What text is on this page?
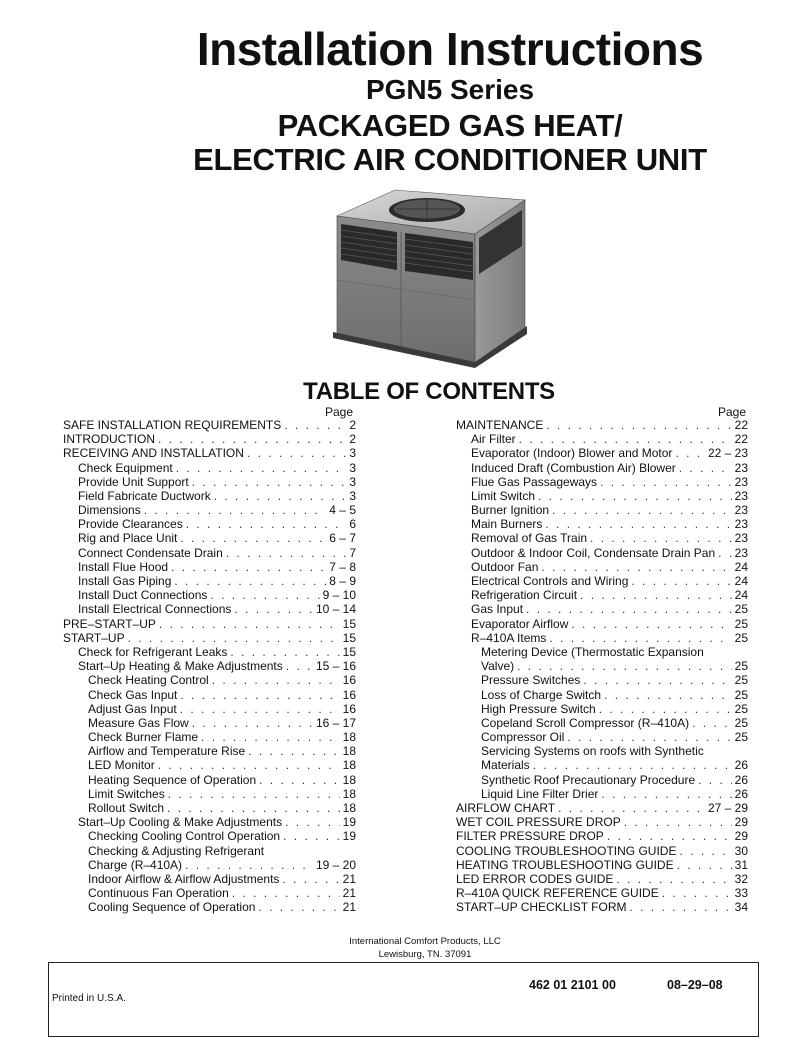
Installation Instructions
PGN5 Series
PACKAGED GAS HEAT/
ELECTRIC AIR CONDITIONER UNIT
TABLE OF CONTENTS
Page	Page
SAFE INSTALLATION REQUIREMENTS . . .	2
INTRODUCTION . . .	2
RECEIVING AND INSTALLATION . . .	3
Check Equipment . . .	3
Provide Unit Support . . .	3
Field Fabricate Ductwork . . .	3
Dimensions . . .	4 – 5
Provide Clearances . . .	6
Rig and Place Unit . . .	6 – 7
Connect Condensate Drain . . .	7
Install Flue Hood . . .	7 – 8
Install Gas Piping . . .	8 – 9
Install Duct Connections . . .	9 – 10
Install Electrical Connections . . .	10 – 14
PRE–START–UP . . .	15
START–UP . . .	15
Check for Refrigerant Leaks . . .	15
Start–Up Heating & Make Adjustments . . .	15 – 16
Check Heating Control . . .	16
Check Gas Input . . .	16
Adjust Gas Input . . .	16
Measure Gas Flow . . .	16 – 17
Check Burner Flame . . .	18
Airflow and Temperature Rise . . .	18
LED Monitor . . .	18
Heating Sequence of Operation . . .	18
Limit Switches . . .	18
Rollout Switch . . .	18
Start–Up Cooling & Make Adjustments . . .	19
Checking Cooling Control Operation . . .	19
Checking & Adjusting Refrigerant
Charge (R–410A) . . .	19 – 20
Indoor Airflow & Airflow Adjustments . . .	21
Continuous Fan Operation . . .	21
Cooling Sequence of Operation . . .	21
MAINTENANCE . . .	22
Air Filter . . .	22
Evaporator (Indoor) Blower and Motor . . .	22 – 23
Induced Draft (Combustion Air) Blower . . .	23
Flue Gas Passageways . . .	23
Limit Switch . . .	23
Burner Ignition . . .	23
Main Burners . . .	23
Removal of Gas Train . . .	23
Outdoor & Indoor Coil, Condensate Drain Pan . . . 23
Outdoor Fan . . .	24
Electrical Controls and Wiring . . .	24
Refrigeration Circuit . . .	24
Gas Input . . .	25
Evaporator Airflow . . .	25
R–410A Items . . .	25
Metering Device (Thermostatic Expansion
Valve) . . .	25
Pressure Switches . . .	25
Loss of Charge Switch . . .	25
High Pressure Switch . . .	25
Copeland Scroll Compressor (R–410A) . . .	25
Compressor Oil . . .	25
Servicing Systems on roofs with Synthetic
Materials . . .	26
Synthetic Roof Precautionary Procedure . . .	26
Liquid Line Filter Drier . . .	26
AIRFLOW CHART . . .	27 – 29
WET COIL PRESSURE DROP . . .	29
FILTER PRESSURE DROP . . .	29
COOLING TROUBLESHOOTING GUIDE . . .	30
HEATING TROUBLESHOOTING GUIDE . . .	31
LED ERROR CODES GUIDE . . .	32
R–410A QUICK REFERENCE GUIDE . . .	33
START–UP CHECKLIST FORM . . .	34
International Comfort Products, LLC
Lewisburg, TN. 37091
462 01 2101 00	08–29–08
Printed in U.S.A.
